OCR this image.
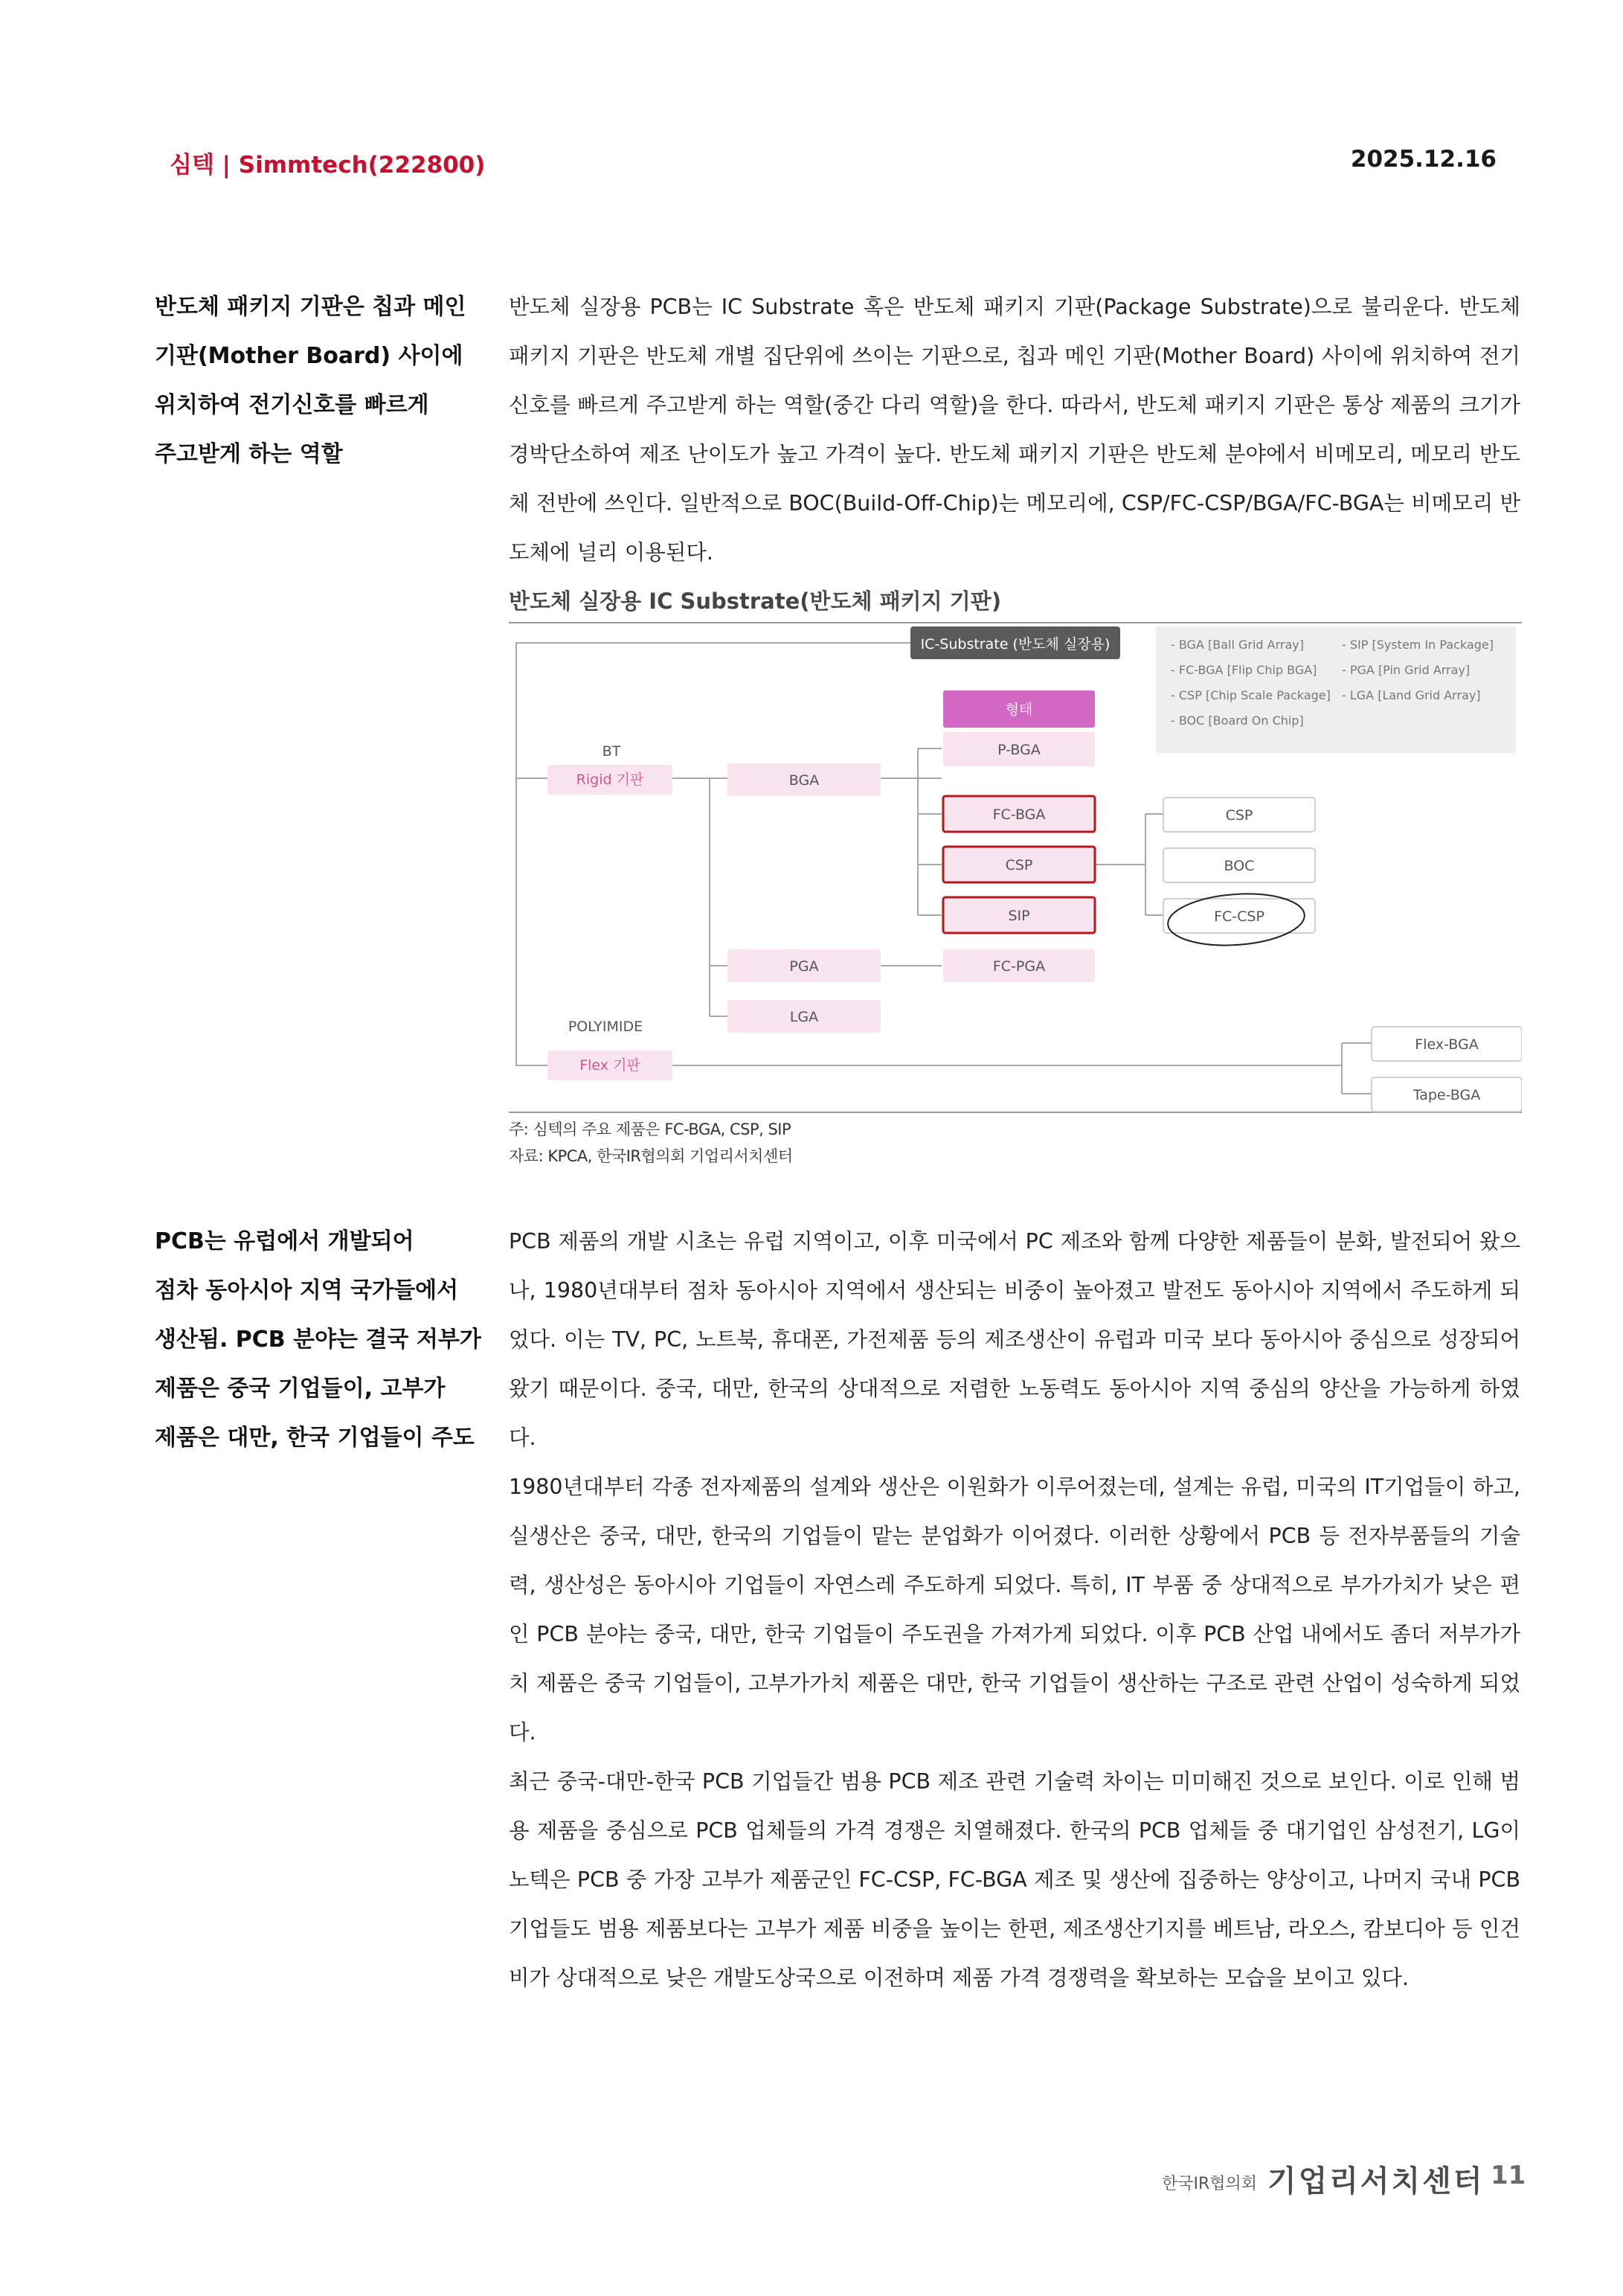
심텍 | Simmtech(222800)	2025.12.16
반도체 패키지 기판은 칩과 메인
기판(Mother Board) 사이에
위치하여 전기신호를 빠르게
주고받게 하는 역할

반도체 실장용 PCB는 IC Substrate 혹은 반도체 패키지 기판(Package Substrate)으로 불리운다. 반도체 패키지 기판은 반도체 개별 집단위에 쓰이는 기판으로, 칩과 메인 기판(Mother Board) 사이에 위치하여 전기신호를 빠르게 주고받게 하는 역할(중간 다리 역할)을 한다. 따라서, 반도체 패키지 기판은 통상 제품의 크기가 경박단소하여 제조 난이도가 높고 가격이 높다. 반도체 패키지 기판은 반도체 분야에서 비메모리, 메모리 반도체 전반에 쓰인다. 일반적으로 BOC(Build-Off-Chip)는 메모리에, CSP/FC-CSP/BGA/FC-BGA는 비메모리 반도체에 널리 이용된다.

반도체 실장용 IC Substrate(반도체 패키지 기판)
IC-Substrate (반도체 실장용)	- BGA [Ball Grid Array]
- FC-BGA [Flip Chip BGA]
- CSP [Chip Scale Package]
- BOC [Board On Chip]
- SIP [System In Package]
- PGA [Pin Grid Array]
- LGA [Land Grid Array]
BT
Rigid 기판
POLYIMIDE
Flex 기판
BGA
PGA
LGA
형태
P-BGA
FC-BGA
CSP
SIP
FC-PGA
CSP
BOC
FC-CSP
Flex-BGA
Tape-BGA
주: 심텍의 주요 제품은 FC-BGA, CSP, SIP
자료: KPCA, 한국IR협의회 기업리서치센터
PCB는 유럽에서 개발되어
점차 동아시아 지역 국가들에서
생산됨. PCB 분야는 결국 저부가
제품은 중국 기업들이, 고부가
제품은 대만, 한국 기업들이 주도

PCB 제품의 개발 시초는 유럽 지역이고, 이후 미국에서 PC 제조와 함께 다양한 제품들이 분화, 발전되어 왔으나, 1980년대부터 점차 동아시아 지역에서 생산되는 비중이 높아졌고 발전도 동아시아 지역에서 주도하게 되었다. 이는 TV, PC, 노트북, 휴대폰, 가전제품 등의 제조생산이 유럽과 미국 보다 동아시아 중심으로 성장되어 왔기 때문이다. 중국, 대만, 한국의 상대적으로 저렴한 노동력도 동아시아 지역 중심의 양산을 가능하게 하였다.

1980년대부터 각종 전자제품의 설계와 생산은 이원화가 이루어졌는데, 설계는 유럽, 미국의 IT기업들이 하고, 실생산은 중국, 대만, 한국의 기업들이 맡는 분업화가 이어졌다. 이러한 상황에서 PCB 등 전자부품들의 기술력, 생산성은 동아시아 기업들이 자연스레 주도하게 되었다. 특히, IT 부품 중 상대적으로 부가가치가 낮은 편인 PCB 분야는 중국, 대만, 한국 기업들이 주도권을 가져가게 되었다. 이후 PCB 산업 내에서도 좀더 저부가가치 제품은 중국 기업들이, 고부가가치 제품은 대만, 한국 기업들이 생산하는 구조로 관련 산업이 성숙하게 되었다.

최근 중국-대만-한국 PCB 기업들간 범용 PCB 제조 관련 기술력 차이는 미미해진 것으로 보인다. 이로 인해 범용 제품을 중심으로 PCB 업체들의 가격 경쟁은 치열해졌다. 한국의 PCB 업체들 중 대기업인 삼성전기, LG이노텍은 PCB 중 가장 고부가 제품군인 FC-CSP, FC-BGA 제조 및 생산에 집중하는 양상이고, 나머지 국내 PCB 기업들도 범용 제품보다는 고부가 제품 비중을 높이는 한편, 제조생산기지를 베트남, 라오스, 캄보디아 등 인건비가 상대적으로 낮은 개발도상국으로 이전하며 제품 가격 경쟁력을 확보하는 모습을 보이고 있다.

한국IR협의회 기업리서치센터 11
